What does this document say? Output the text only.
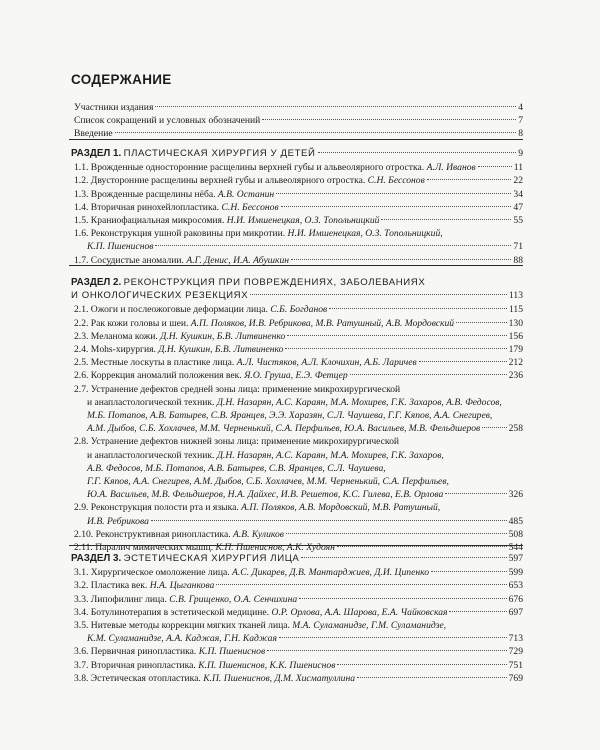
СОДЕРЖАНИЕ
Участники издания	4
Список сокращений и условных обозначений	7
Введение	8
РАЗДЕЛ 1. ПЛАСТИЧЕСКАЯ ХИРУРГИЯ У ДЕТЕЙ	9
1.1. Врожденные односторонние расщелины верхней губы и альвеолярного отростка. А.Л. Иванов	11
1.2. Двусторонние расщелины верхней губы и альвеолярного отростка. С.Н. Бессонов	22
1.3. Врожденные расщелины нёба. А.В. Останин	34
1.4. Вторичная ринохейлопластика. С.Н. Бессонов	47
1.5. Краниофациальная микросомия. Н.И. Имшенецкая, О.З. Топольницкий	55
1.6. Реконструкция ушной раковины при микротии. Н.И. Имшенецкая, О.З. Топольницкий,
К.П. Пшениснов	71
1.7. Сосудистые аномалии. А.Г. Денис, И.А. Абушкин	88
РАЗДЕЛ 2. РЕКОНСТРУКЦИЯ ПРИ ПОВРЕЖДЕНИЯХ, ЗАБОЛЕВАНИЯХ
И ОНКОЛОГИЧЕСКИХ РЕЗЕКЦИЯХ	113
2.1. Ожоги и послеожоговые деформации лица. С.Б. Богданов	115
2.2. Рак кожи головы и шеи. А.П. Поляков, И.В. Ребрикова, М.В. Ратушный, А.В. Мордовский	130
2.3. Меланома кожи. Д.Н. Кушкин, Б.В. Литвиненко	156
2.4. Mohs-хирургия. Д.Н. Кушкин, Б.В. Литвиненко	179
2.5. Местные лоскуты в пластике лица. А.Л. Чистяков, А.Л. Клочихин, А.Б. Ларичев	212
2.6. Коррекция аномалий положения век. Я.О. Груша, Е.Э. Фетцер	236
2.7. Устранение дефектов средней зоны лица: применение микрохирургической
и анапластологической техник. Д.Н. Назарян, А.С. Караян, М.А. Мохирев, Г.К. Захаров, А.В. Федосов,
М.Б. Потапов, А.В. Батырев, С.В. Яранцев, Э.Э. Харазян, С.Л. Чаушева, Г.Г. Кяпов, А.А. Снегирев,
А.М. Дыбов, С.Б. Хохлачев, М.М. Черненький, С.А. Перфильев, Ю.А. Васильев, М.В. Фельдшеров	258
2.8. Устранение дефектов нижней зоны лица: применение микрохирургической
и анапластологической техник. Д.Н. Назарян, А.С. Карaян, М.А. Мохирев, Г.К. Захаров,
А.В. Федосов, М.Б. Потапов, А.В. Батырев, С.В. Яранцев, С.Л. Чаушева,
Г.Г. Кяпов, А.А. Снегирев, А.М. Дыбов, С.Б. Хохлачев, М.М. Черненький, С.А. Перфильев,
Ю.А. Васильев, М.В. Фельдшеров, Н.А. Дайхес, И.В. Решетов, К.С. Гилева, Е.В. Орлова	326
2.9. Реконструкция полости рта и языка. А.П. Поляков, А.В. Мордовский, М.В. Ратушный,
И.В. Ребрикова	485
2.10. Реконструктивная ринопластика. А.В. Куликов	508
2.11. Паралич мимических мышц. К.П. Пшениснов, А.К. Худоян	544
РАЗДЕЛ 3. ЭСТЕТИЧЕСКАЯ ХИРУРГИЯ ЛИЦА	597
3.1. Хирургическое омоложение лица. А.С. Дикарев, Д.В. Мантарджиев, Д.И. Ципенко	599
3.2. Пластика век. Н.А. Цыганкова	653
3.3. Липофилинг лица. С.В. Грищенко, О.А. Сенчихина	676
3.4. Ботулинотерапия в эстетической медицине. О.Р. Орлова, А.А. Шарова, Е.А. Чайковская	697
3.5. Нитевые методы коррекции мягких тканей лица. М.А. Суламанидзе, Г.М. Суламанидзе,
К.М. Суламанидзе, А.А. Каджая, Г.Н. Каджая	713
3.6. Первичная ринопластика. К.П. Пшениснов	729
3.7. Вторичная ринопластика. К.П. Пшениснов, К.К. Пшениснов	751
3.8. Эстетическая отопластика. К.П. Пшениснов, Д.М. Хисматуллина	769
